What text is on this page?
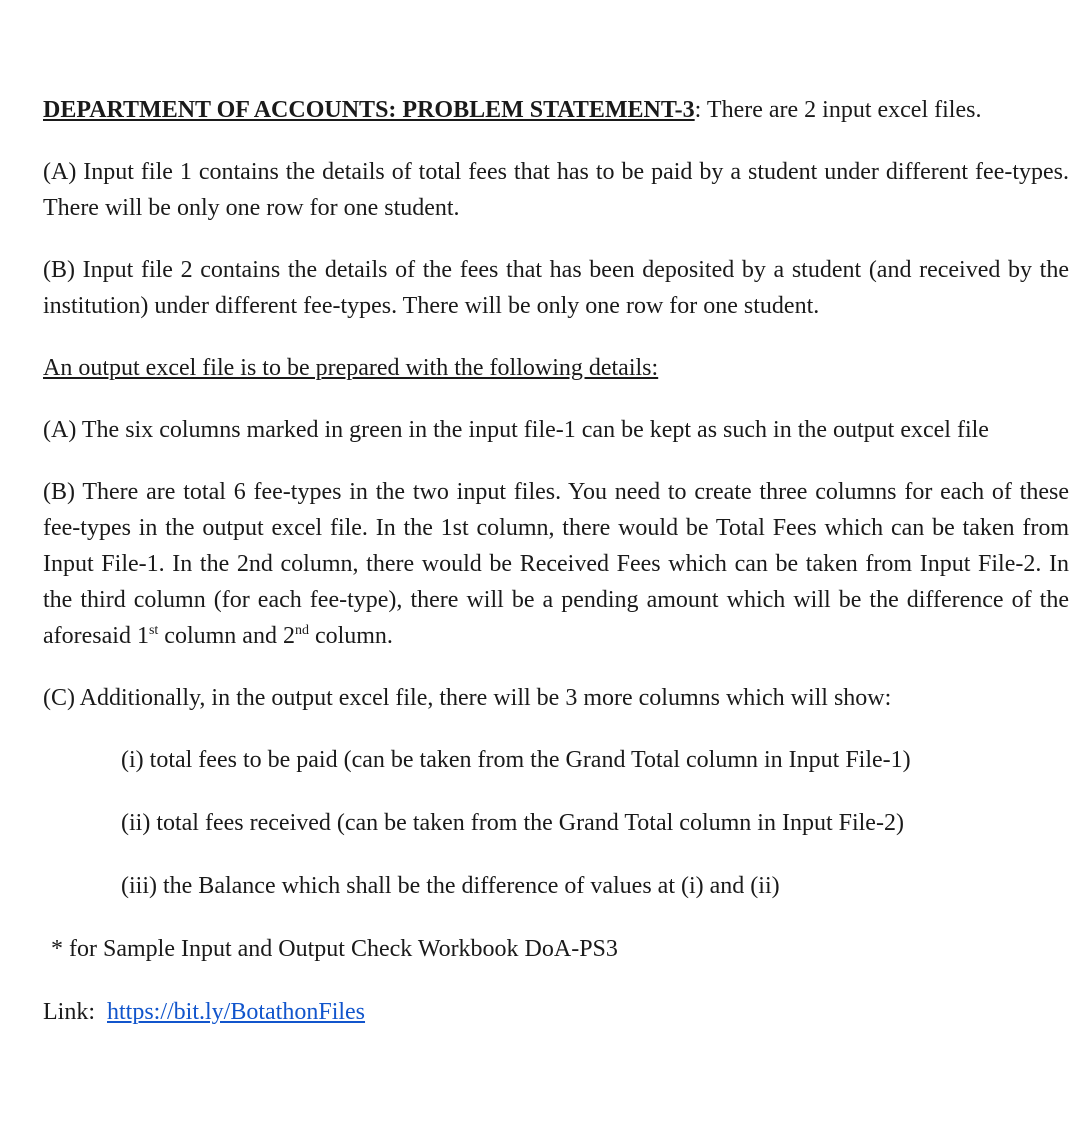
DEPARTMENT OF ACCOUNTS: PROBLEM STATEMENT-3: There are 2 input excel files.

(A) Input file 1 contains the details of total fees that has to be paid by a student under different fee-types. There will be only one row for one student.

(B) Input file 2 contains the details of the fees that has been deposited by a student (and received by the institution) under different fee-types. There will be only one row for one student.

An output excel file is to be prepared with the following details:

(A) The six columns marked in green in the input file-1 can be kept as such in the output excel file

(B) There are total 6 fee-types in the two input files. You need to create three columns for each of these fee-types in the output excel file. In the 1st column, there would be Total Fees which can be taken from Input File-1. In the 2nd column, there would be Received Fees which can be taken from Input File-2. In the third column (for each fee-type), there will be a pending amount which will be the difference of the aforesaid 1st column and 2nd column.

(C) Additionally, in the output excel file, there will be 3 more columns which will show:

(i) total fees to be paid (can be taken from the Grand Total column in Input File-1)

(ii) total fees received (can be taken from the Grand Total column in Input File-2)

(iii) the Balance which shall be the difference of values at (i) and (ii)

* for Sample Input and Output Check Workbook DoA-PS3

Link:  https://bit.ly/BotathonFiles
